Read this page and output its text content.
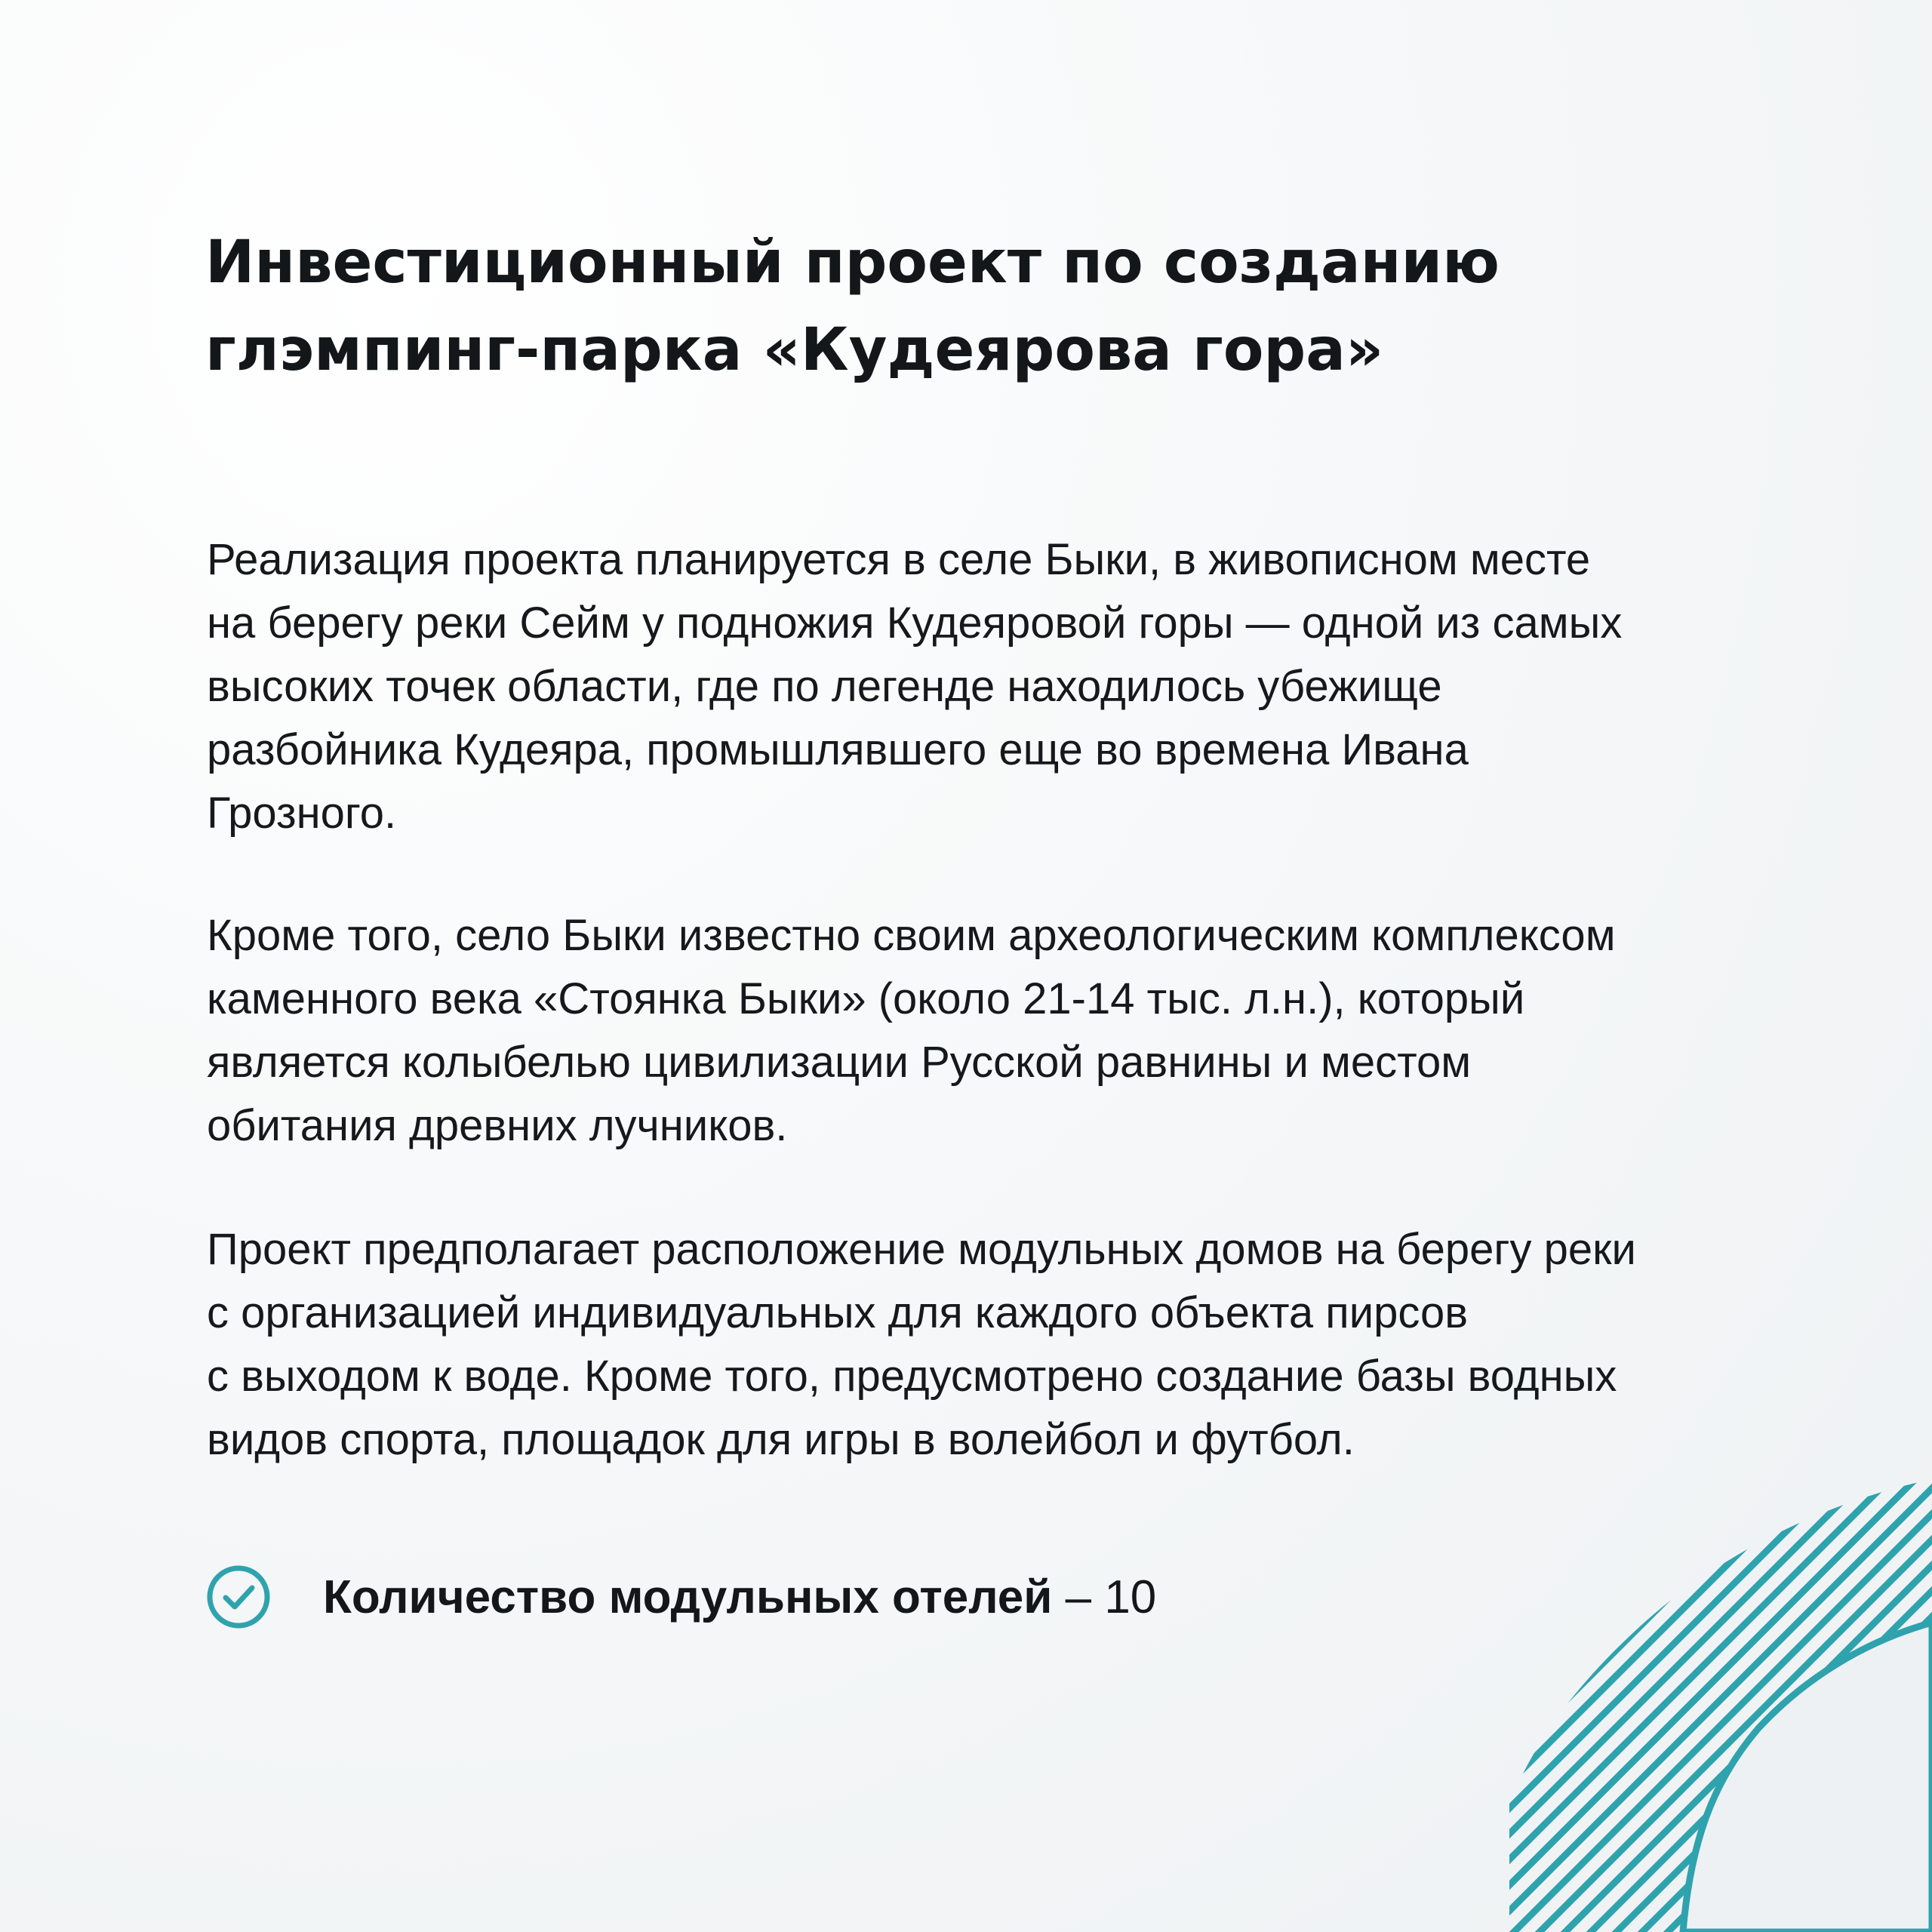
Инвестиционный проект по созданию
глэмпинг-парка «Кудеярова гора»

Реализация проекта планируется в селе Быки, в живописном месте
на берегу реки Сейм у подножия Кудеяровой горы — одной из самых
высоких точек области, где по легенде находилось убежище
разбойника Кудеяра, промышлявшего еще во времена Ивана
Грозного.

Кроме того, село Быки известно своим археологическим комплексом
каменного века «Стоянка Быки» (около 21-14 тыс. л.н.), который
является колыбелью цивилизации Русской равнины и местом
обитания древних лучников.

Проект предполагает расположение модульных домов на берегу реки
с организацией индивидуальных для каждого объекта пирсов
с выходом к воде. Кроме того, предусмотрено создание базы водных
видов спорта, площадок для игры в волейбол и футбол.

Количество модульных отелей – 10
